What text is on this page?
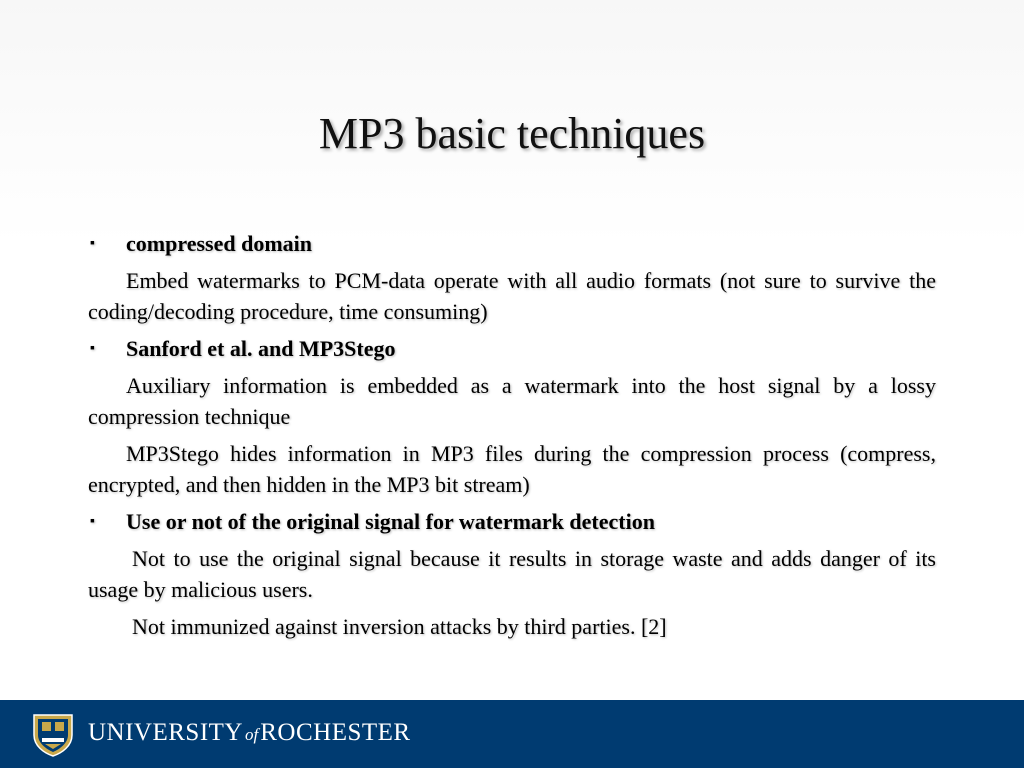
MP3 basic techniques
▪ compressed domain
Embed watermarks to PCM-data operate with all audio formats (not sure to survive the coding/decoding procedure, time consuming)
▪ Sanford et al. and MP3Stego
Auxiliary information is embedded as a watermark into the host signal by a lossy compression technique
MP3Stego hides information in MP3 files during the compression process (compress, encrypted, and then hidden in the MP3 bit stream)
▪ Use or not of the original signal for watermark detection
Not to use the original signal because it results in storage waste and adds danger of its usage by malicious users.
Not immunized against inversion attacks by third parties. [2]
UNIVERSITY ofROCHESTER
